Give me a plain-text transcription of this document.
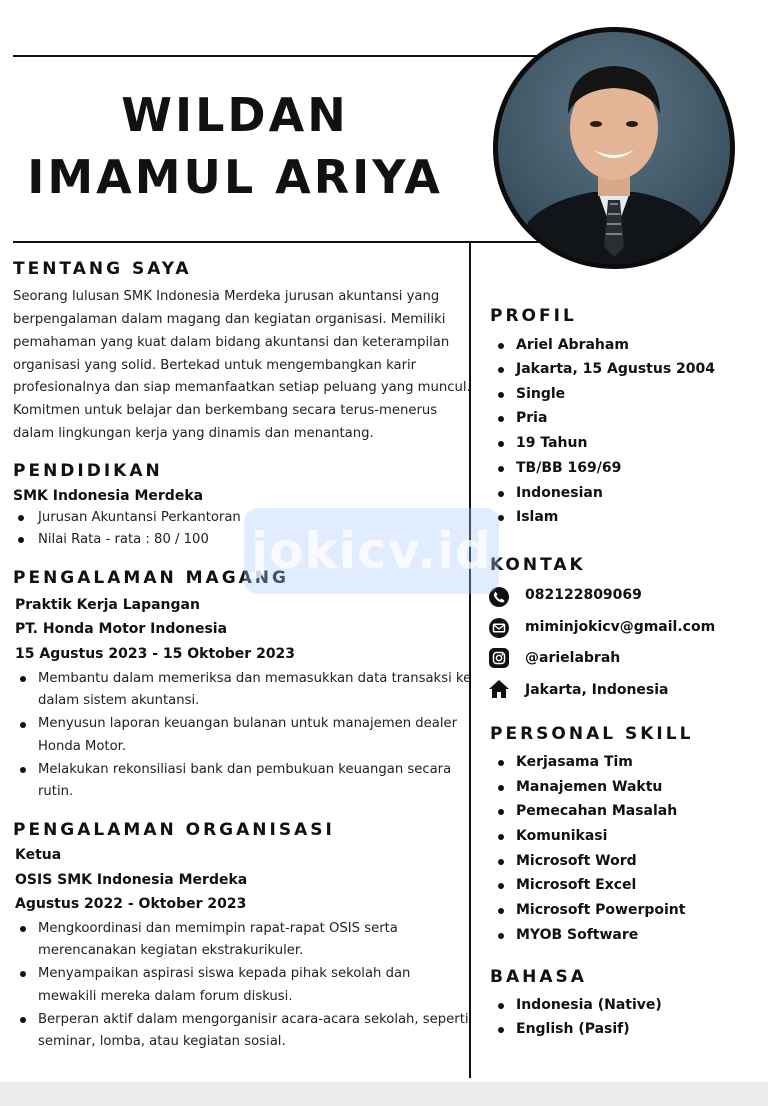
WILDAN
IMAMUL ARIYA
TENTANG SAYA
Seorang lulusan SMK Indonesia Merdeka jurusan akuntansi yang
berpengalaman dalam magang dan kegiatan organisasi. Memiliki
pemahaman yang kuat dalam bidang akuntansi dan keterampilan
organisasi yang solid. Bertekad untuk mengembangkan karir
profesionalnya dan siap memanfaatkan setiap peluang yang muncul.
Komitmen untuk belajar dan berkembang secara terus-menerus
dalam lingkungan kerja yang dinamis dan menantang.
PENDIDIKAN
SMK Indonesia Merdeka
Jurusan Akuntansi Perkantoran
Nilai Rata - rata : 80 / 100
PENGALAMAN MAGANG
Praktik Kerja Lapangan
PT. Honda Motor Indonesia
15 Agustus 2023 - 15 Oktober 2023
Membantu dalam memeriksa dan memasukkan data transaksi ke
dalam sistem akuntansi.
Menyusun laporan keuangan bulanan untuk manajemen dealer
Honda Motor.
Melakukan rekonsiliasi bank dan pembukuan keuangan secara
rutin.
PENGALAMAN ORGANISASI
Ketua
OSIS SMK Indonesia Merdeka
Agustus 2022 - Oktober 2023
Mengkoordinasi dan memimpin rapat-rapat OSIS serta
merencanakan kegiatan ekstrakurikuler.
Menyampaikan aspirasi siswa kepada pihak sekolah dan
mewakili mereka dalam forum diskusi.
Berperan aktif dalam mengorganisir acara-acara sekolah, seperti
seminar, lomba, atau kegiatan sosial.
PROFIL
Ariel Abraham
Jakarta, 15 Agustus 2004
Single
Pria
19 Tahun
TB/BB 169/69
Indonesian
Islam
KONTAK
082122809069
miminjokicv@gmail.com
@arielabrah
Jakarta, Indonesia
PERSONAL SKILL
Kerjasama Tim
Manajemen Waktu
Pemecahan Masalah
Komunikasi
Microsoft Word
Microsoft Excel
Microsoft Powerpoint
MYOB Software
BAHASA
Indonesia (Native)
English (Pasif)
jokicv.id
